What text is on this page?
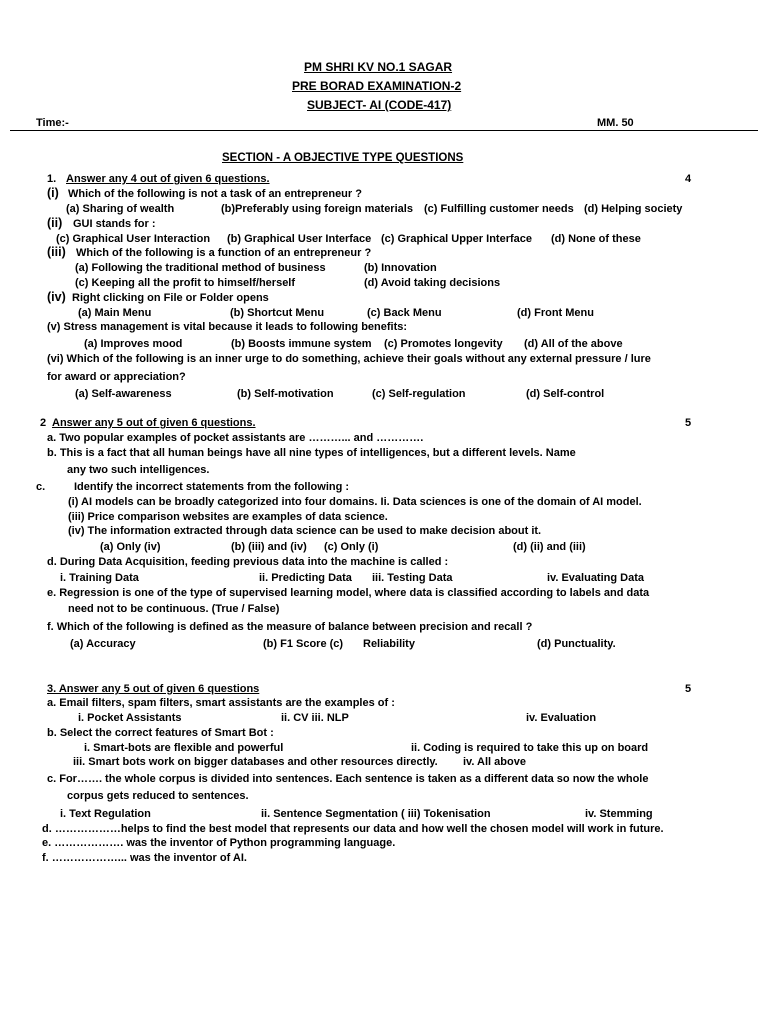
PM SHRI KV NO.1 SAGAR
PRE BORAD EXAMINATION-2
SUBJECT- AI (CODE-417)
Time:-	MM. 50
SECTION - A OBJECTIVE TYPE QUESTIONS
1. Answer any 4 out of given 6 questions.	4
(i) Which of the following is not a task of an entrepreneur ?
(a) Sharing of wealth	(b)Preferably using foreign materials (c) Fulfilling customer needs (d) Helping society
(ii) GUI stands for :
(c) Graphical User Interaction (b) Graphical User Interface (c) Graphical Upper Interface (d) None of these
(iii) Which of the following is a function of an entrepreneur ?
(a) Following the traditional method of business	(b) Innovation
(c) Keeping all the profit to himself/herself	(d) Avoid taking decisions
(iv) Right clicking on File or Folder opens
(a) Main Menu	(b) Shortcut Menu	(c) Back Menu	(d) Front Menu
(v) Stress management is vital because it leads to following benefits:
(a) Improves mood	(b) Boosts immune system (c) Promotes longevity (d) All of the above
(vi) Which of the following is an inner urge to do something, achieve their goals without any external pressure / lure
for award or appreciation?
(a) Self-awareness	(b) Self-motivation	(c) Self-regulation	(d) Self-control
2 Answer any 5 out of given 6 questions.	5
a. Two popular examples of pocket assistants are ………... and ………….
b. This is a fact that all human beings have all nine types of intelligences, but a different levels. Name
any two such intelligences.
c.	Identify the incorrect statements from the following :
(i) AI models can be broadly categorized into four domains. Ii. Data sciences is one of the domain of AI model.
(iii) Price comparison websites are examples of data science.
(iv) The information extracted through data science can be used to make decision about it.
(a) Only (iv)	(b) (iii) and (iv) (c) Only (i)	(d) (ii) and (iii)
d. During Data Acquisition, feeding previous data into the machine is called :
i. Training Data	ii. Predicting Data iii. Testing Data	iv. Evaluating Data
e. Regression is one of the type of supervised learning model, where data is classified according to labels and data
need not to be continuous. (True / False)
f. Which of the following is defined as the measure of balance between precision and recall ?
(a) Accuracy	(b) F1 Score (c) Reliability	(d) Punctuality.
3. Answer any 5 out of given 6 questions	5
a. Email filters, spam filters, smart assistants are the examples of :
i. Pocket Assistants	ii. CV iii. NLP	iv. Evaluation
b. Select the correct features of Smart Bot :
i. Smart-bots are flexible and powerful	ii. Coding is required to take this up on board
iii. Smart bots work on bigger databases and other resources directly. iv. All above
c. For……. the whole corpus is divided into sentences. Each sentence is taken as a different data so now the whole
corpus gets reduced to sentences.
i. Text Regulation	ii. Sentence Segmentation ( iii) Tokenisation	iv. Stemming
d. ………………helps to find the best model that represents our data and how well the chosen model will work in future.
e. ………………. was the inventor of Python programming language.
f. ………………... was the inventor of AI.
